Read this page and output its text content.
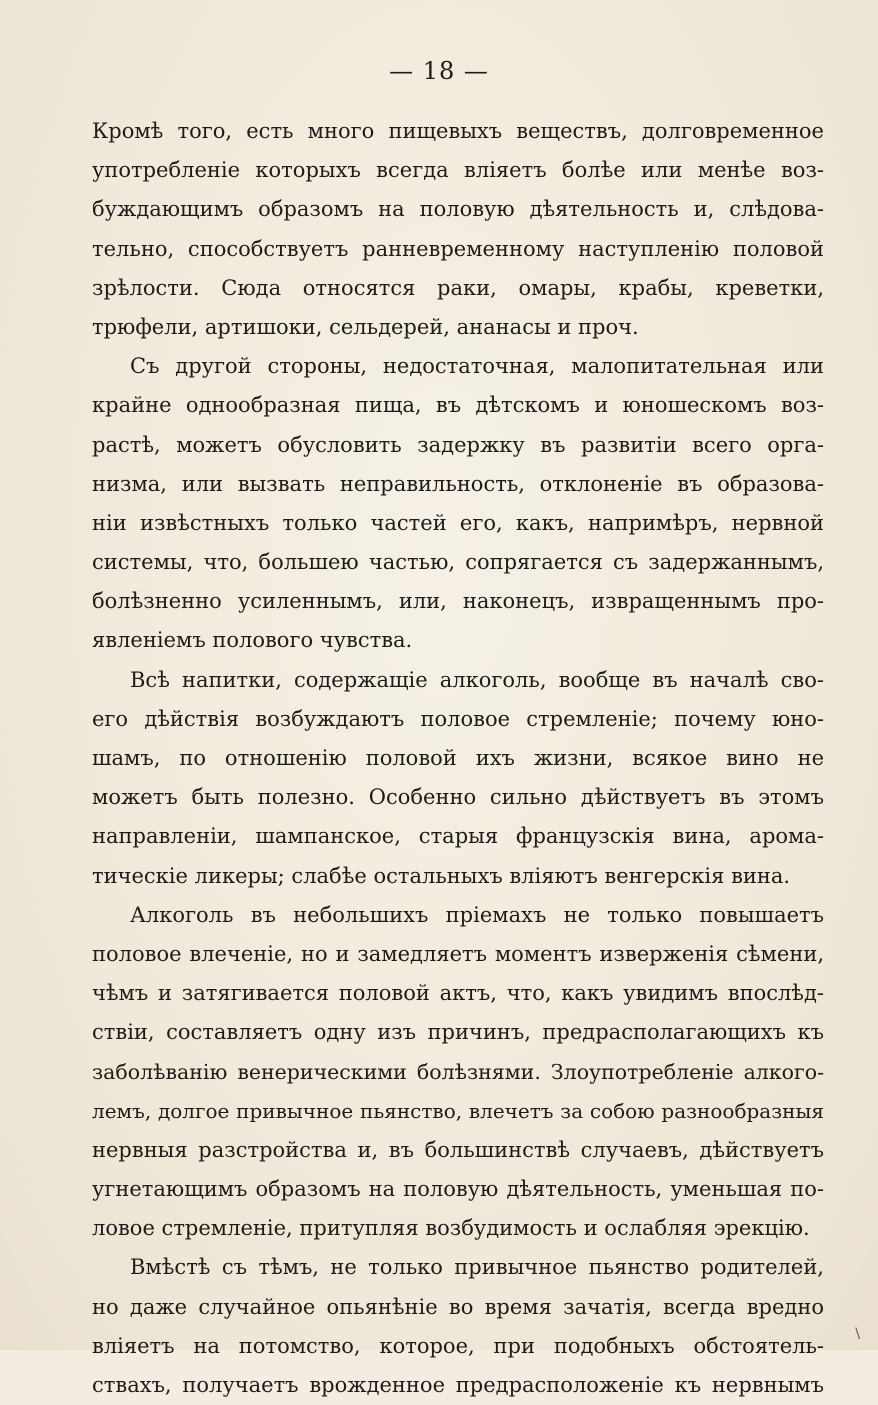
— 18 —
Кромѣ того, есть много пищевыхъ веществъ, долговременное
употребленiе которыхъ всегда влiяетъ болѣе или менѣе воз-
буждающимъ образомъ на половую дѣятельность и, слѣдова-
тельно, способствуетъ ранневременному наступленiю половой
зрѣлости. Сюда относятся раки, омары, крабы, креветки,
трюфели, артишоки, сельдерей, ананасы и проч.
Съ другой стороны, недостаточная, малопитательная или
крайне однообразная пища, въ дѣтскомъ и юношескомъ воз-
растѣ, можетъ обусловить задержку въ развитiи всего орга-
низма, или вызвать неправильность, отклоненiе въ образова-
нiи извѣстныхъ только частей его, какъ, напримѣръ, нервной
системы, что, большею частью, сопрягается съ задержаннымъ,
болѣзненно усиленнымъ, или, наконецъ, извращеннымъ про-
явленiемъ полового чувства.
Всѣ напитки, содержащiе алкоголь, вообще въ началѣ сво-
его дѣйствiя возбуждаютъ половое стремленiе; почему юно-
шамъ, по отношенiю половой ихъ жизни, всякое вино не
можетъ быть полезно. Особенно сильно дѣйствуетъ въ этомъ
направленiи, шампанское, старыя французскiя вина, арома-
тическiе ликеры; слабѣе остальныхъ влiяютъ венгерскiя вина.
Алкоголь въ небольшихъ прiемахъ не только повышаетъ
половое влеченiе, но и замедляетъ моментъ изверженiя сѣмени,
чѣмъ и затягивается половой актъ, что, какъ увидимъ впослѣд-
ствiи, составляетъ одну изъ причинъ, предрасполагающихъ къ
заболѣванiю венерическими болѣзнями. Злоупотребленiе алкого-
лемъ, долгое привычное пьянство, влечетъ за собою разнообразныя
нервныя разстройства и, въ большинствѣ случаевъ, дѣйствуетъ
угнетающимъ образомъ на половую дѣятельность, уменьшая по-
ловое стремленiе, притупляя возбудимость и ослабляя эрекцiю.
Вмѣстѣ съ тѣмъ, не только привычное пьянство родителей,
но даже случайное опьянѣнiе во время зачатiя, всегда вредно
влiяетъ на потомство, которое, при подобныхъ обстоятель-
ствахъ, получаетъ врожденное предрасположенiе къ нервнымъ
\
